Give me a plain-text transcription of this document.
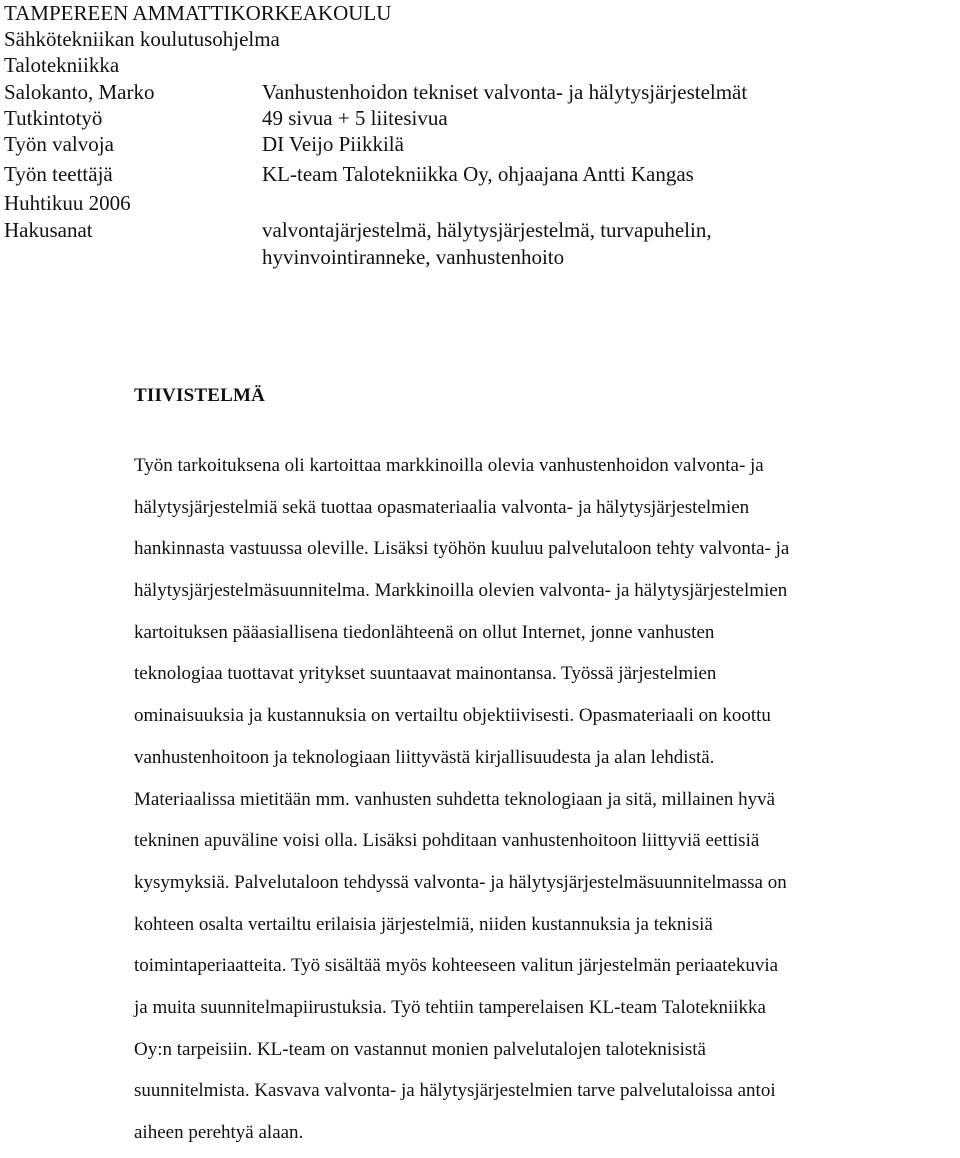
TAMPEREEN AMMATTIKORKEAKOULU
Sähkötekniikan koulutusohjelma
Talotekniikka
Salokanto, Marko	Vanhustenhoidon tekniset valvonta- ja hälytysjärjestelmät
Tutkintotyö	49 sivua + 5 liitesivua
Työn valvoja	DI Veijo Piikkilä
Työn teettäjä	KL-team Talotekniikka Oy, ohjaajana Antti Kangas
Huhtikuu 2006
Hakusanat	valvontajärjestelmä, hälytysjärjestelmä, turvapuhelin,
hyvinvointiranneke, vanhustenhoito
TIIVISTELMÄ
Työn tarkoituksena oli kartoittaa markkinoilla olevia vanhustenhoidon valvonta- ja
hälytysjärjestelmiä sekä tuottaa opasmateriaalia valvonta- ja hälytysjärjestelmien
hankinnasta vastuussa oleville. Lisäksi työhön kuuluu palvelutaloon tehty valvonta- ja
hälytysjärjestelmäsuunnitelma. Markkinoilla olevien valvonta- ja hälytysjärjestelmien
kartoituksen pääasiallisena tiedonlähteenä on ollut Internet, jonne vanhusten
teknologiaa tuottavat yritykset suuntaavat mainontansa. Työssä järjestelmien
ominaisuuksia ja kustannuksia on vertailtu objektiivisesti. Opasmateriaali on koottu
vanhustenhoitoon ja teknologiaan liittyvästä kirjallisuudesta ja alan lehdistä.
Materiaalissa mietitään mm. vanhusten suhdetta teknologiaan ja sitä, millainen hyvä
tekninen apuväline voisi olla. Lisäksi pohditaan vanhustenhoitoon liittyviä eettisiä
kysymyksiä. Palvelutaloon tehdyssä valvonta- ja hälytysjärjestelmäsuunnitelmassa on
kohteen osalta vertailtu erilaisia järjestelmiä, niiden kustannuksia ja teknisiä
toimintaperiaatteita. Työ sisältää myös kohteeseen valitun järjestelmän periaatekuvia
ja muita suunnitelmapiirustuksia. Työ tehtiin tamperelaisen KL-team Talotekniikka
Oy:n tarpeisiin. KL-team on vastannut monien palvelutalojen taloteknisistä
suunnitelmista. Kasvava valvonta- ja hälytysjärjestelmien tarve palvelutaloissa antoi
aiheen perehtyä alaan.
